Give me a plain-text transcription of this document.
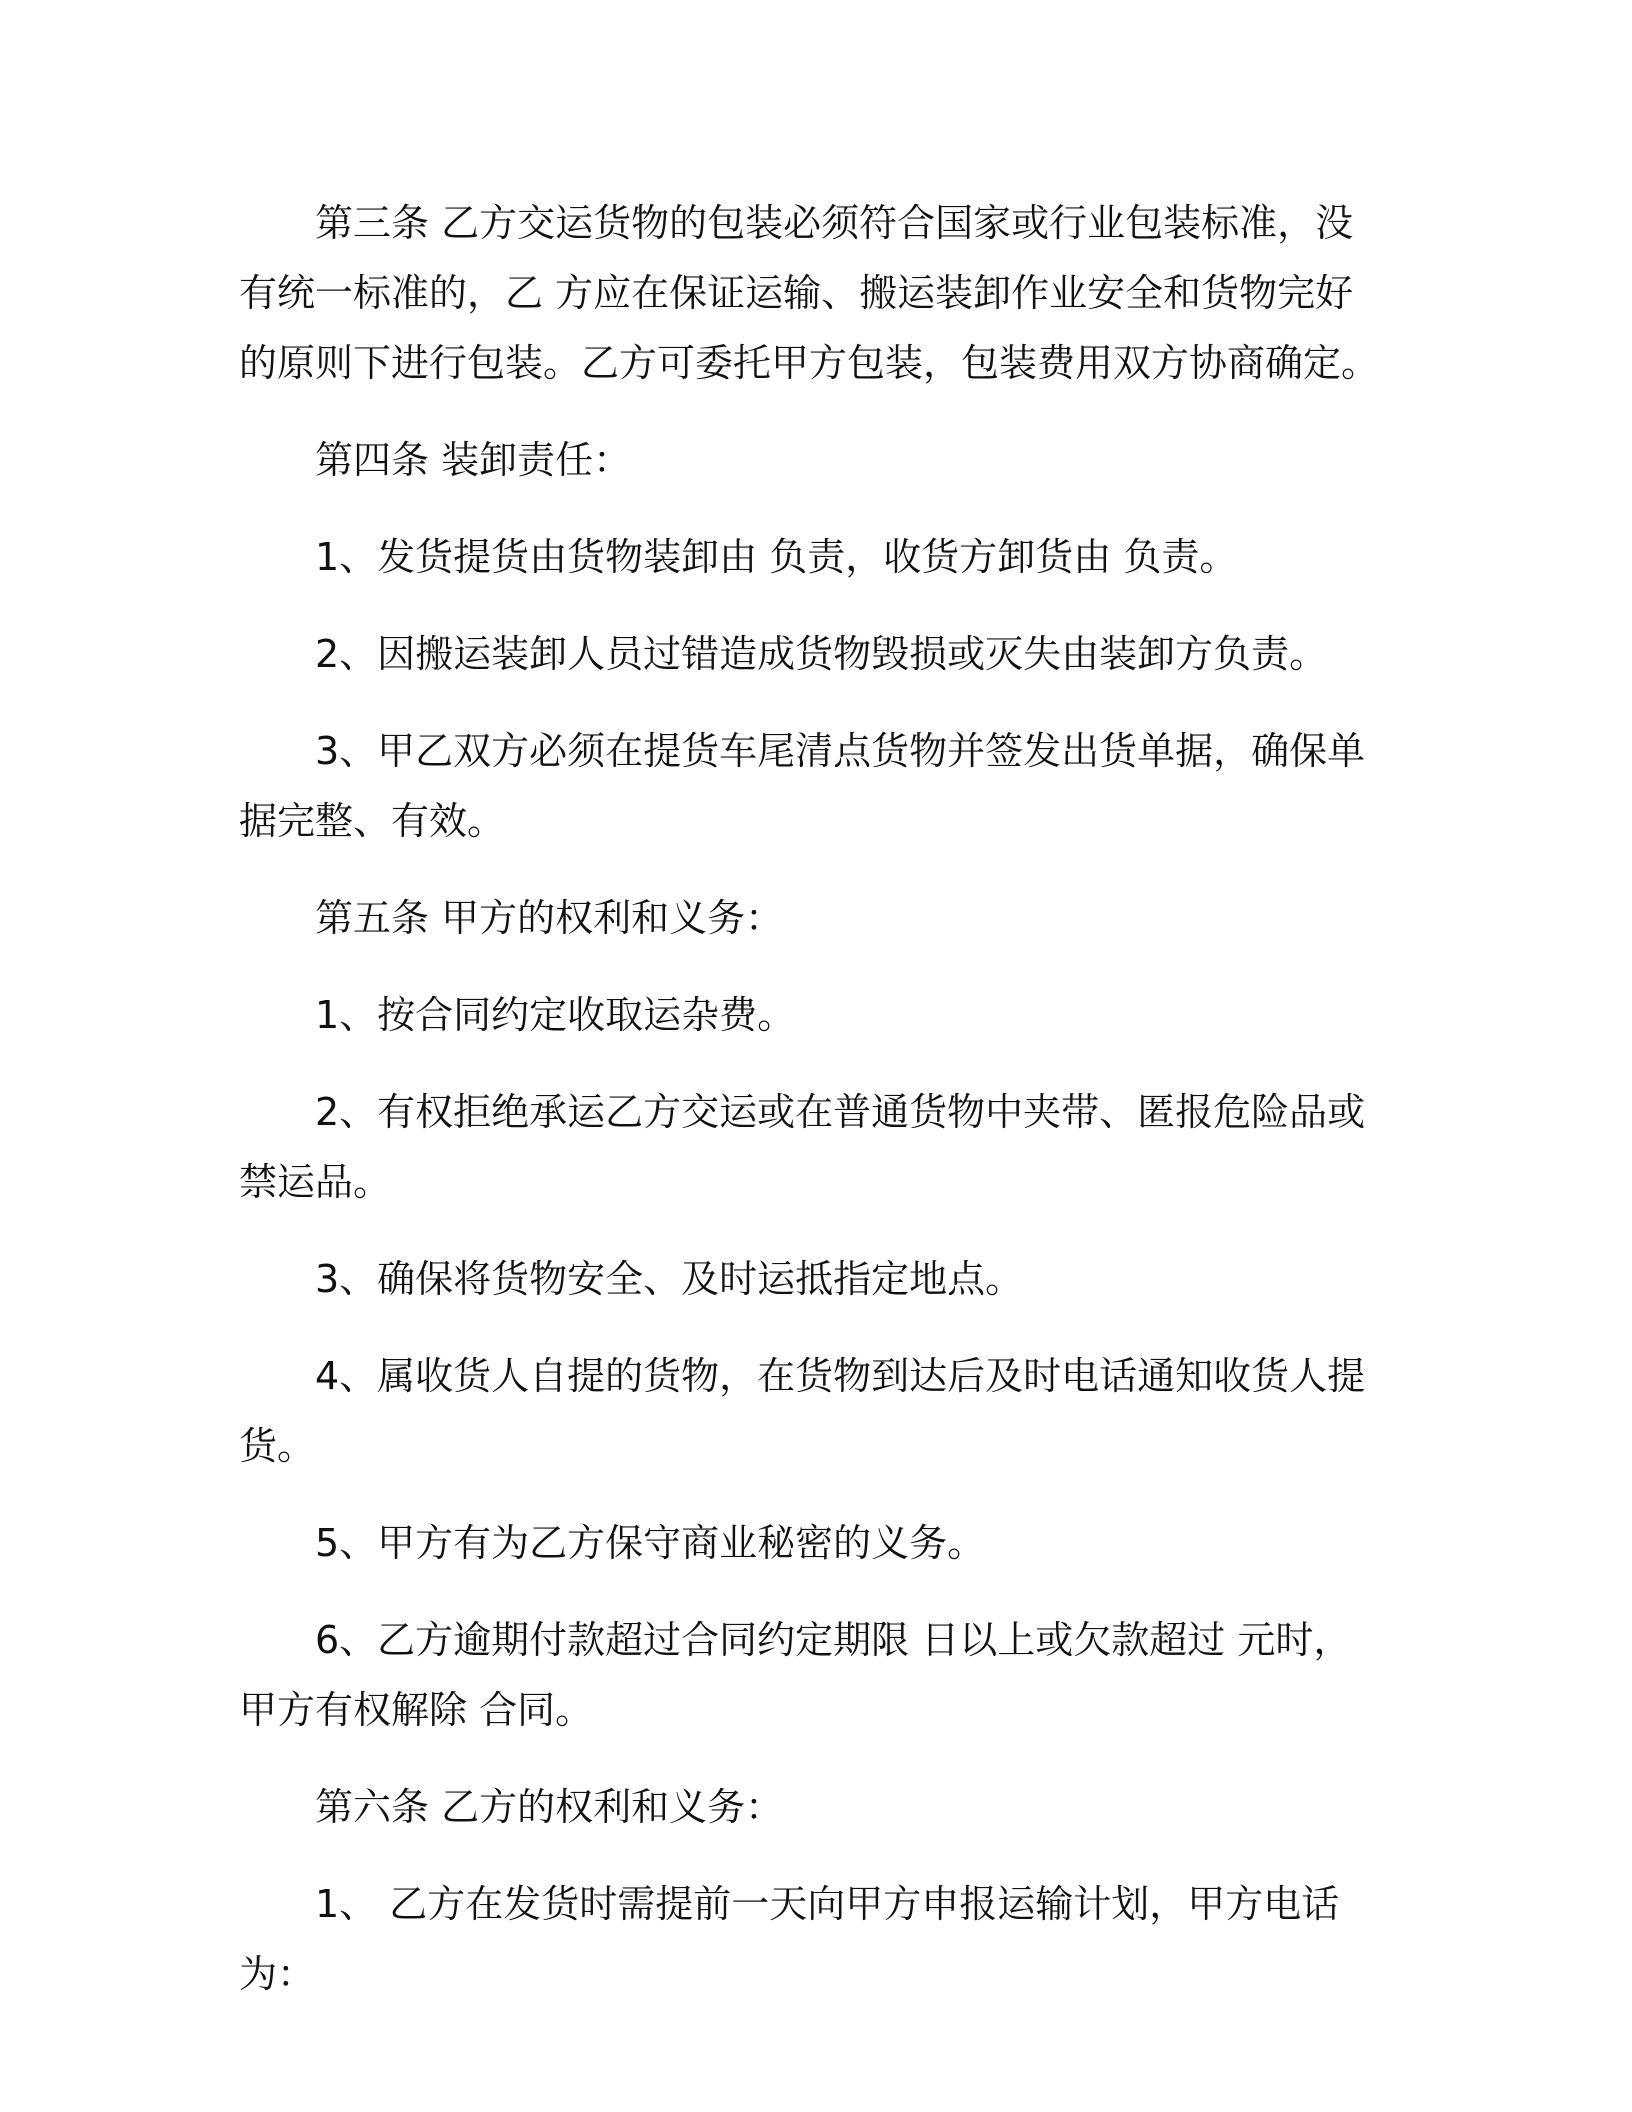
第三条 乙方交运货物的包装必须符合国家或行业包装标准，没有统一标准的，乙 方应在保证运输、搬运装卸作业安全和货物完好的原则下进行包装。乙方可委托甲方包装，包装费用双方协商确定。

第四条 装卸责任：

1、发货提货由货物装卸由 负责，收货方卸货由 负责。

2、因搬运装卸人员过错造成货物毁损或灭失由装卸方负责。

3、甲乙双方必须在提货车尾清点货物并签发出货单据，确保单据完整、有效。

第五条 甲方的权利和义务：

1、按合同约定收取运杂费。

2、有权拒绝承运乙方交运或在普通货物中夹带、匿报危险品或禁运品。

3、确保将货物安全、及时运抵指定地点。

4、属收货人自提的货物，在货物到达后及时电话通知收货人提货。

5、甲方有为乙方保守商业秘密的义务。

6、乙方逾期付款超过合同约定期限 日以上或欠款超过 元时，甲方有权解除 合同。

第六条 乙方的权利和义务：

1、 乙方在发货时需提前一天向甲方申报运输计划，甲方电话为：
